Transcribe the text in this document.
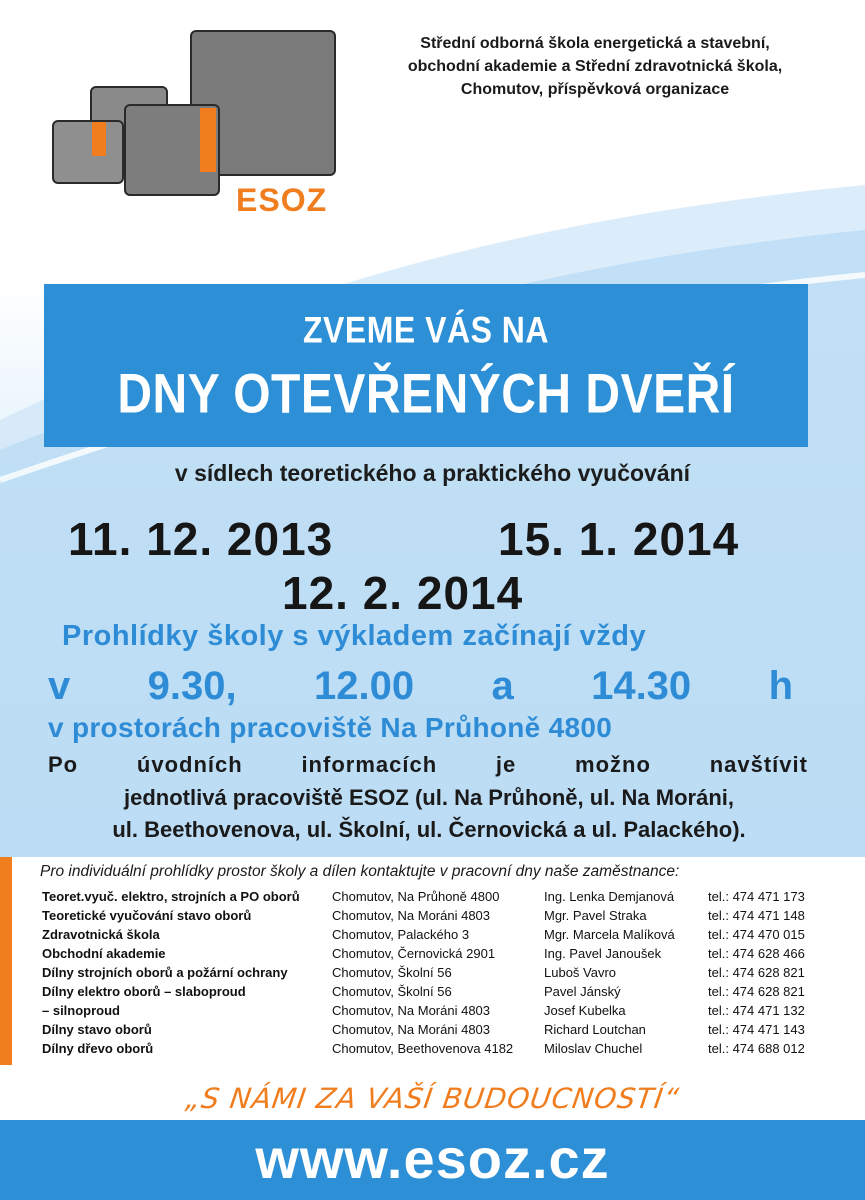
ESOZ
Střední odborná škola energetická a stavební,
obchodní akademie a Střední zdravotnická škola,
Chomutov, příspěvková organizace
ZVEME VÁS NA
DNY OTEVŘENÝCH DVEŘÍ
v sídlech teoretického a praktického vyučování
11. 12. 2013	15. 1. 2014
12. 2. 2014
Prohlídky školy s výkladem začínají vždy
v 9.30, 12.00 a 14.30 h
v prostorách pracoviště Na Průhoně 4800
Po	úvodních	informacích	je	možno	navštívit
jednotlivá pracoviště ESOZ (ul. Na Průhoně, ul. Na Moráni,
ul. Beethovenova, ul. Školní, ul. Černovická a ul. Palackého).
Pro individuální prohlídky prostor školy a dílen kontaktujte v pracovní dny naše zaměstnance:
Teoret.vyuč. elektro, strojních a PO oborů	Chomutov, Na Průhoně 4800	Ing. Lenka Demjanová	tel.: 474 471 173
Teoretické vyučování stavo oborů	Chomutov, Na Moráni 4803	Mgr. Pavel Straka	tel.: 474 471 148
Zdravotnická škola	Chomutov, Palackého 3	Mgr. Marcela Malíková	tel.: 474 470 015
Obchodní akademie	Chomutov, Černovická 2901	Ing. Pavel Janoušek	tel.: 474 628 466
Dílny strojních oborů a požární ochrany	Chomutov, Školní 56	Luboš Vavro	tel.: 474 628 821
Dílny elektro oborů – slaboproud	Chomutov, Školní 56	Pavel Jánský	tel.: 474 628 821
– silnoproud	Chomutov, Na Moráni 4803	Josef Kubelka	tel.: 474 471 132
Dílny stavo oborů	Chomutov, Na Moráni 4803	Richard Loutchan	tel.: 474 471 143
Dílny dřevo oborů	Chomutov, Beethovenova 4182	Miloslav Chuchel	tel.: 474 688 012
„S NÁMI ZA VAŠÍ BUDOUCNOSTÍ“
www.esoz.cz
